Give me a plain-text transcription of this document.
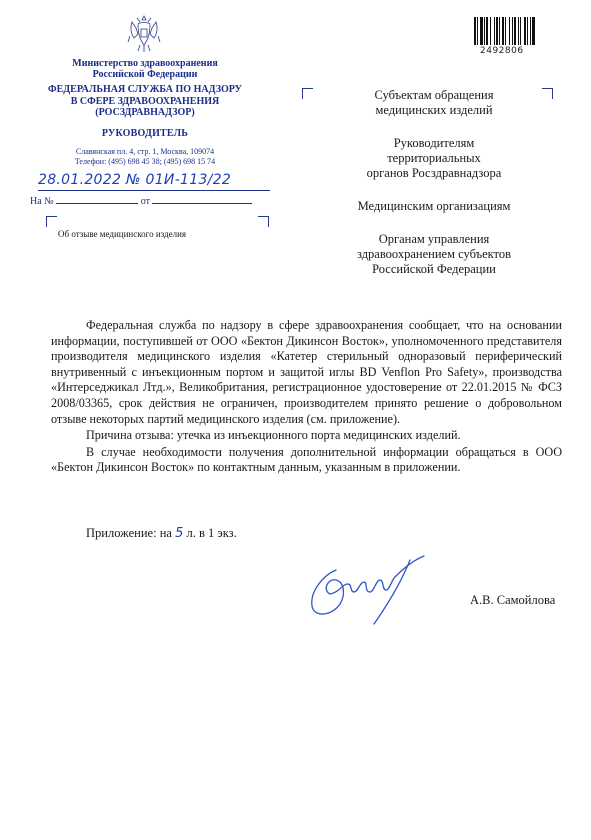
Министерство здравоохранения
Российской Федерации
ФЕДЕРАЛЬНАЯ СЛУЖБА ПО НАДЗОРУ
В СФЕРЕ ЗДРАВООХРАНЕНИЯ
(РОСЗДРАВНАДЗОР)
РУКОВОДИТЕЛЬ
Славянская пл. 4, стр. 1, Москва, 109074
Телефон: (495) 698 45 38; (495) 698 15 74
28.01.2022 № 01И-113/22
На №	от
Об отзыве медицинского изделия
2492806
Субъектам обращения
медицинских изделий
Руководителям
территориальных
органов Росздравнадзора
Медицинским организациям
Органам управления
здравоохранением субъектов
Российской Федерации

Федеральная служба по надзору в сфере здравоохранения сообщает, что на основании информации, поступившей от ООО «Бектон Дикинсон Восток», уполномоченного представителя производителя медицинского изделия «Катетер стерильный одноразовый периферический внутривенный с инъекционным портом и защитой иглы BD Venflon Pro Safety», производства «Интерседжикал Лтд.», Великобритания, регистрационное удостоверение от 22.01.2015 № ФСЗ 2008/03365, срок действия не ограничен, производителем принято решение о добровольном отзыве некоторых партий медицинского изделия (см. приложение).

Причина отзыва: утечка из инъекционного порта медицинских изделий.

В случае необходимости получения дополнительной информации обращаться в ООО «Бектон Дикинсон Восток» по контактным данным, указанным в приложении.

Приложение: на 5 л. в 1 экз.
А.В. Самойлова
